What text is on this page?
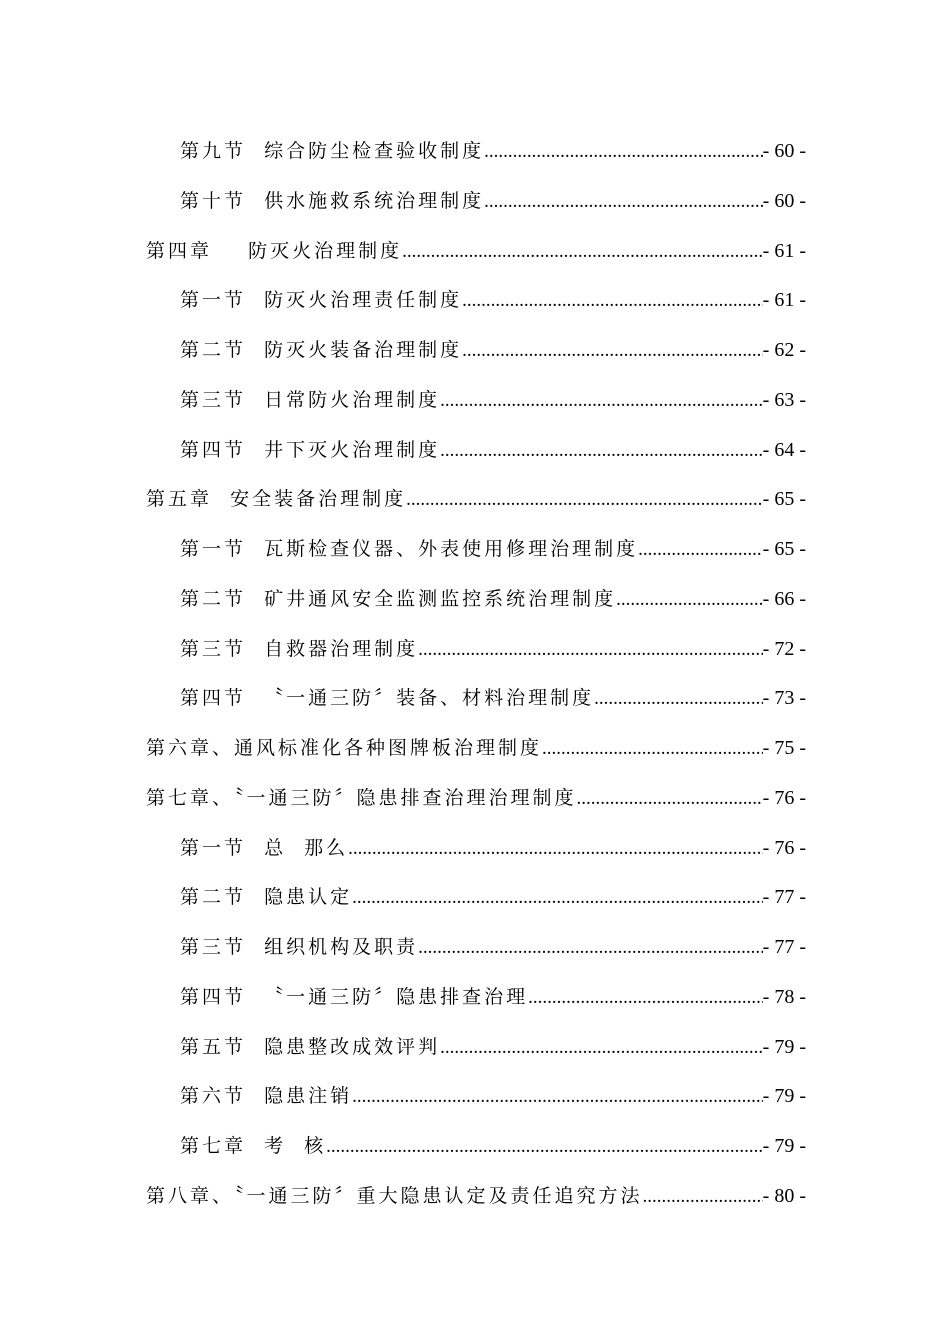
第九节  综合防尘检查验收制度 .....	- 60 -
第十节  供水施救系统治理制度 .....	- 60 -
第四章    防灭火治理制度 .....	- 61 -
第一节  防灭火治理责任制度 .....	- 61 -
第二节  防灭火装备治理制度 .....	- 62 -
第三节  日常防火治理制度 .....	- 63 -
第四节  井下灭火治理制度 .....	- 64 -
第五章  安全装备治理制度 .....	- 65 -
第一节  瓦斯检查仪器、外表使用修理治理制度 .....	- 65 -
第二节  矿井通风安全监测监控系统治理制度 .....	- 66 -
第三节  自救器治理制度 .....	- 72 -
第四节  〝一通三防〞装备、材料治理制度 .....	- 73 -
第六章、通风标准化各种图牌板治理制度 .....	- 75 -
第七章、〝一通三防〞隐患排查治理治理制度 .....	- 76 -
第一节  总  那么 .....	- 76 -
第二节  隐患认定 .....	- 77 -
第三节  组织机构及职责 .....	- 77 -
第四节  〝一通三防〞隐患排查治理 .....	- 78 -
第五节  隐患整改成效评判 .....	- 79 -
第六节  隐患注销 .....	- 79 -
第七章  考  核 .....	- 79 -
第八章、〝一通三防〞重大隐患认定及责任追究方法 .....	- 80 -
